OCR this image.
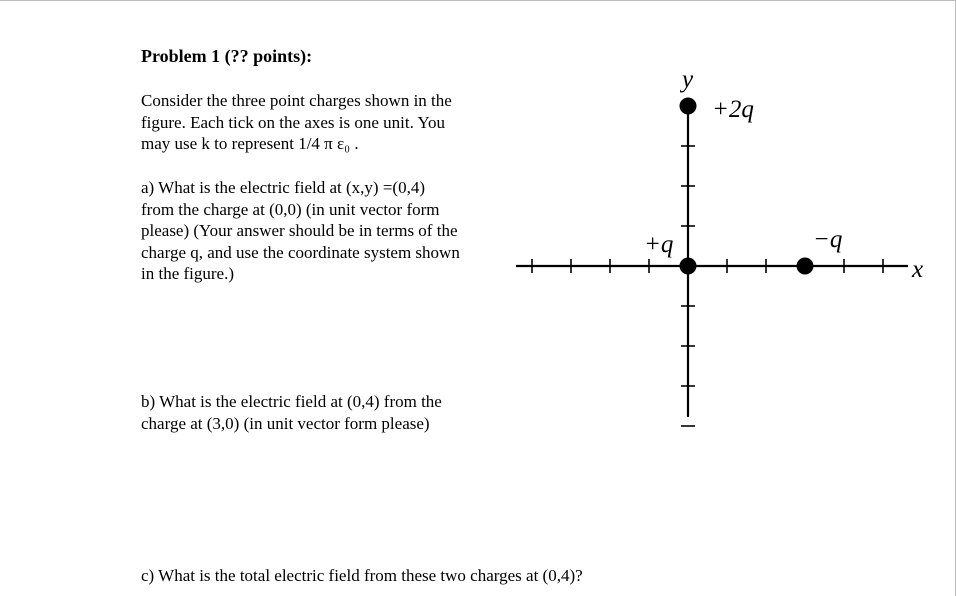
Problem 1 (?? points):
Consider the three point charges shown in the
figure. Each tick on the axes is one unit. You
may use k to represent 1/4 π ε₀ .
a) What is the electric field at (x,y) =(0,4)
from the charge at (0,0) (in unit vector form
please) (Your answer should be in terms of the
charge q, and use the coordinate system shown
in the figure.)
b) What is the electric field at (0,4) from the
charge at (3,0) (in unit vector form please)
c) What is the total electric field from these two charges at (0,4)?
+q	−q
+2q
x
y
